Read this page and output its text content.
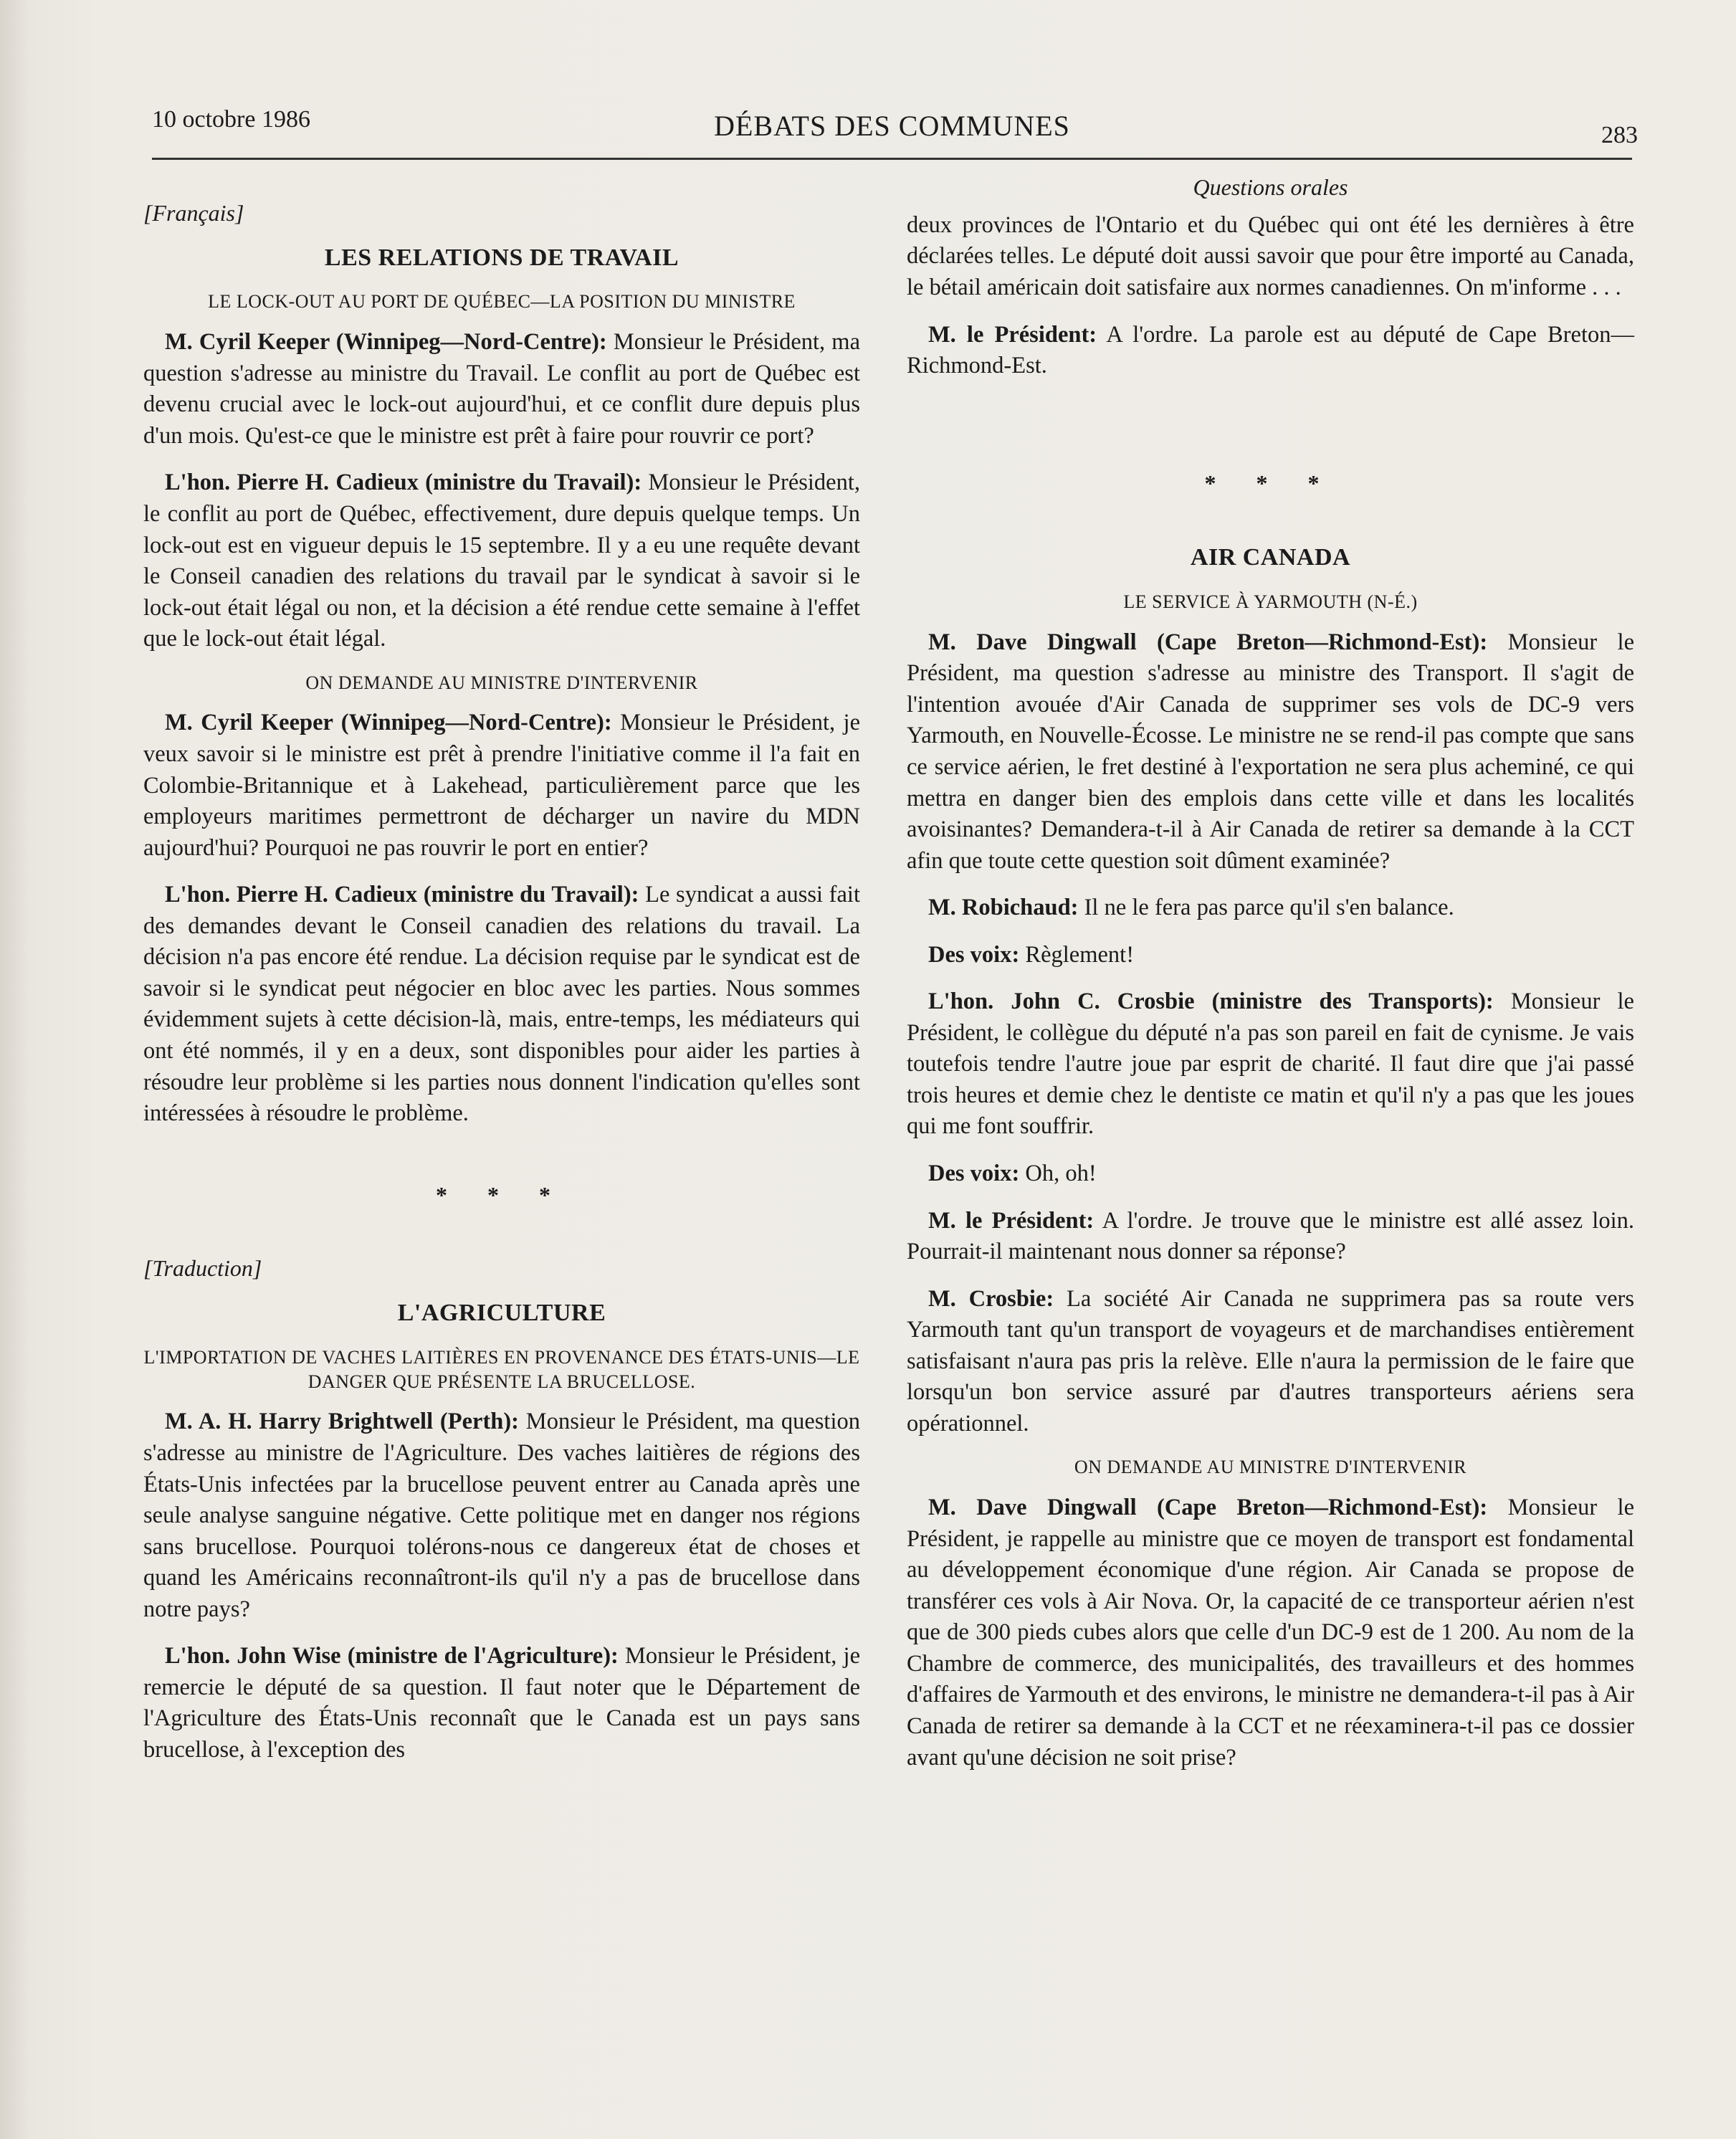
10 octobre 1986	DÉBATS DES COMMUNES	283
[Français]
LES RELATIONS DE TRAVAIL
LE LOCK-OUT AU PORT DE QUÉBEC—LA POSITION DU MINISTRE

M. Cyril Keeper (Winnipeg—Nord-Centre): Monsieur le Président, ma question s'adresse au ministre du Travail. Le conflit au port de Québec est devenu crucial avec le lock-out aujourd'hui, et ce conflit dure depuis plus d'un mois. Qu'est-ce que le ministre est prêt à faire pour rouvrir ce port?

L'hon. Pierre H. Cadieux (ministre du Travail): Monsieur le Président, le conflit au port de Québec, effectivement, dure depuis quelque temps. Un lock-out est en vigueur depuis le 15 septembre. Il y a eu une requête devant le Conseil canadien des relations du travail par le syndicat à savoir si le lock-out était légal ou non, et la décision a été rendue cette semaine à l'effet que le lock-out était légal.

ON DEMANDE AU MINISTRE D'INTERVENIR

M. Cyril Keeper (Winnipeg—Nord-Centre): Monsieur le Président, je veux savoir si le ministre est prêt à prendre l'initiative comme il l'a fait en Colombie-Britannique et à Lakehead, particulièrement parce que les employeurs maritimes permettront de décharger un navire du MDN aujourd'hui? Pourquoi ne pas rouvrir le port en entier?

L'hon. Pierre H. Cadieux (ministre du Travail): Le syndicat a aussi fait des demandes devant le Conseil canadien des relations du travail. La décision n'a pas encore été rendue. La décision requise par le syndicat est de savoir si le syndicat peut négocier en bloc avec les parties. Nous sommes évidemment sujets à cette décision-là, mais, entre-temps, les médiateurs qui ont été nommés, il y en a deux, sont disponibles pour aider les parties à résoudre leur problème si les parties nous donnent l'indication qu'elles sont intéressées à résoudre le problème.

* * *
[Traduction]
L'AGRICULTURE
L'IMPORTATION DE VACHES LAITIÈRES EN PROVENANCE DES ÉTATS-UNIS—LE DANGER QUE PRÉSENTE LA BRUCELLOSE.

M. A. H. Harry Brightwell (Perth): Monsieur le Président, ma question s'adresse au ministre de l'Agriculture. Des vaches laitières de régions des États-Unis infectées par la brucellose peuvent entrer au Canada après une seule analyse sanguine négative. Cette politique met en danger nos régions sans brucellose. Pourquoi tolérons-nous ce dangereux état de choses et quand les Américains reconnaîtront-ils qu'il n'y a pas de brucellose dans notre pays?

L'hon. John Wise (ministre de l'Agriculture): Monsieur le Président, je remercie le député de sa question. Il faut noter que le Département de l'Agriculture des États-Unis reconnaît que le Canada est un pays sans brucellose, à l'exception des

Questions orales

deux provinces de l'Ontario et du Québec qui ont été les dernières à être déclarées telles. Le député doit aussi savoir que pour être importé au Canada, le bétail américain doit satisfaire aux normes canadiennes. On m'informe . . .

M. le Président: A l'ordre. La parole est au député de Cape Breton—Richmond-Est.

* * *
AIR CANADA
LE SERVICE À YARMOUTH (N-É.)

M. Dave Dingwall (Cape Breton—Richmond-Est): Monsieur le Président, ma question s'adresse au ministre des Transport. Il s'agit de l'intention avouée d'Air Canada de supprimer ses vols de DC-9 vers Yarmouth, en Nouvelle-Écosse. Le ministre ne se rend-il pas compte que sans ce service aérien, le fret destiné à l'exportation ne sera plus acheminé, ce qui mettra en danger bien des emplois dans cette ville et dans les localités avoisinantes? Demandera-t-il à Air Canada de retirer sa demande à la CCT afin que toute cette question soit dûment examinée?

M. Robichaud: Il ne le fera pas parce qu'il s'en balance.

Des voix: Règlement!

L'hon. John C. Crosbie (ministre des Transports): Monsieur le Président, le collègue du député n'a pas son pareil en fait de cynisme. Je vais toutefois tendre l'autre joue par esprit de charité. Il faut dire que j'ai passé trois heures et demie chez le dentiste ce matin et qu'il n'y a pas que les joues qui me font souffrir.

Des voix: Oh, oh!

M. le Président: A l'ordre. Je trouve que le ministre est allé assez loin. Pourrait-il maintenant nous donner sa réponse?

M. Crosbie: La société Air Canada ne supprimera pas sa route vers Yarmouth tant qu'un transport de voyageurs et de marchandises entièrement satisfaisant n'aura pas pris la relève. Elle n'aura la permission de le faire que lorsqu'un bon service assuré par d'autres transporteurs aériens sera opérationnel.

ON DEMANDE AU MINISTRE D'INTERVENIR

M. Dave Dingwall (Cape Breton—Richmond-Est): Monsieur le Président, je rappelle au ministre que ce moyen de transport est fondamental au développement économique d'une région. Air Canada se propose de transférer ces vols à Air Nova. Or, la capacité de ce transporteur aérien n'est que de 300 pieds cubes alors que celle d'un DC-9 est de 1 200. Au nom de la Chambre de commerce, des municipalités, des travailleurs et des hommes d'affaires de Yarmouth et des environs, le ministre ne demandera-t-il pas à Air Canada de retirer sa demande à la CCT et ne réexaminera-t-il pas ce dossier avant qu'une décision ne soit prise?
